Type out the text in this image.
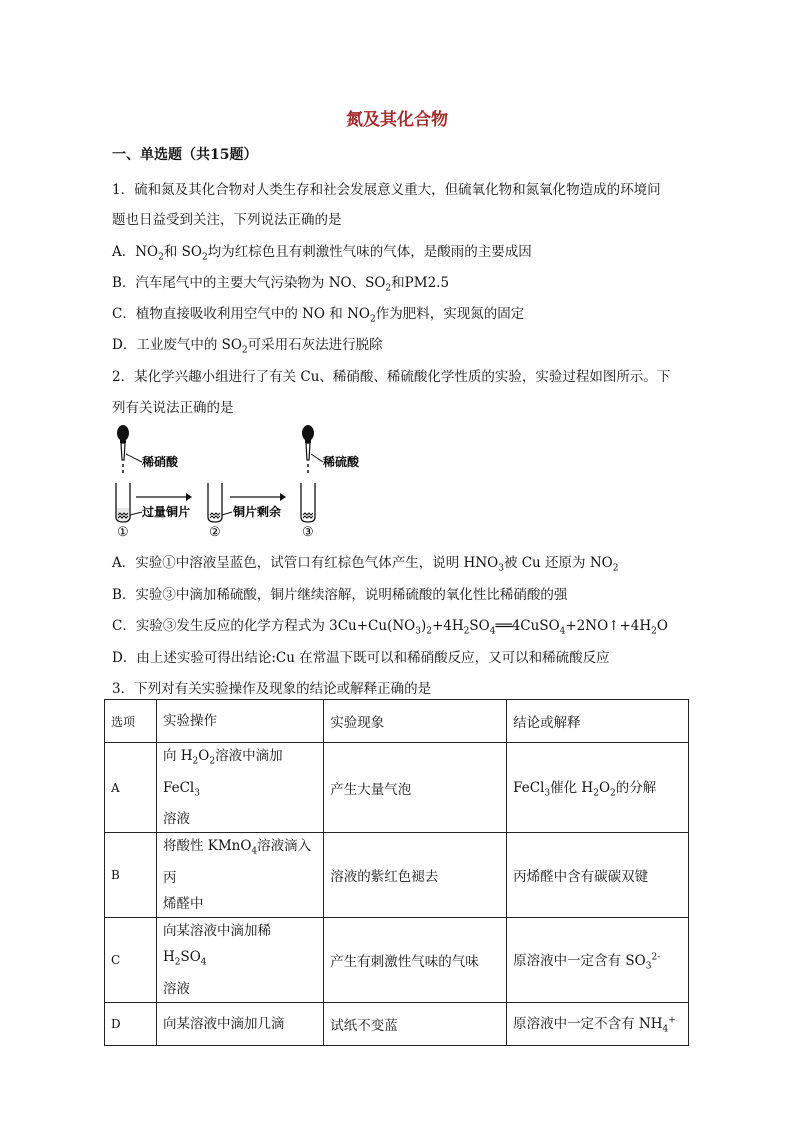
氮及其化合物
一、单选题（共15题）
1．硫和氮及其化合物对人类生存和社会发展意义重大，但硫氧化物和氮氧化物造成的环境问
题也日益受到关注，下列说法正确的是
A．$NO_2$和 $SO_2$均为红棕色且有刺激性气味的气体，是酸雨的主要成因
B．汽车尾气中的主要大气污染物为 NO、$SO_2$和PM2.5
C．植物直接吸收利用空气中的 NO 和 $NO_2$作为肥料，实现氮的固定
D．工业废气中的 $SO_2$可采用石灰法进行脱除
2．某化学兴趣小组进行了有关 Cu、稀硝酸、稀硫酸化学性质的实验，实验过程如图所示。下
列有关说法正确的是
稀硝酸	稀硫酸
过量铜片
①
铜片剩余
②	③
A．实验①中溶液呈蓝色，试管口有红棕色气体产生，说明 $HNO_3$被 Cu 还原为 $NO_2$
B．实验③中滴加稀硫酸，铜片继续溶解，说明稀硫酸的氧化性比稀硝酸的强
C．实验③发生反应的化学方程式为 $3Cu+Cu(NO_3)_2+4H_2SO_4══4CuSO_4+2NO↑+4H_2O$
D．由上述实验可得出结论:Cu 在常温下既可以和稀硝酸反应，又可以和稀硫酸反应
3．下列对有关实验操作及现象的结论或解释正确的是
选项	实验操作	实验现象	结论或解释
A	向 $H_2O_2$溶液中滴加 FeCl$_3$
溶液	产生大量气泡	FeCl$_3$催化 $H_2O_2$的分解
B	将酸性 KMnO$_4$溶液滴入丙
烯醛中	溶液的紫红色褪去	丙烯醛中含有碳碳双键
C	向某溶液中滴加稀 $H_2SO_4$
溶液	产生有刺激性气味的气味	原溶液中一定含有 $SO_3^{2-}$
D	向某溶液中滴加几滴	试纸不变蓝	原溶液中一定不含有 $NH_4^+$
